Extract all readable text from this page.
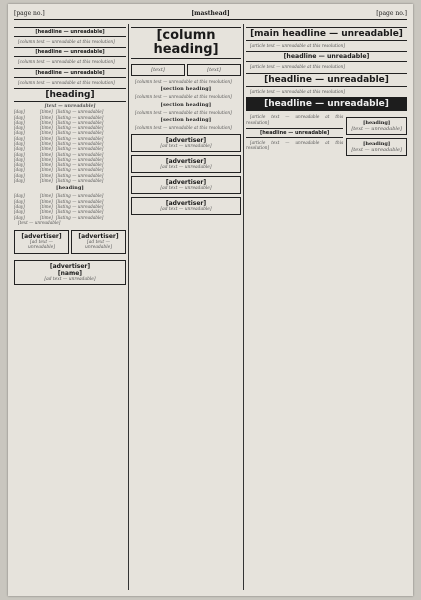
[page no.]	[masthead]	[page no.]
[headline — unreadable]

[column text — unreadable at this resolution]

[headline — unreadable]

[column text — unreadable at this resolution]

[headline — unreadable]

[column text — unreadable at this resolution]

[heading]
[text — unreadable]
[day]	[time] [listing — unreadable]
[day]	[time] [listing — unreadable]
[day]	[time] [listing — unreadable]
[day]	[time] [listing — unreadable]
[day]	[time] [listing — unreadable]
[day]	[time] [listing — unreadable]
[day]	[time] [listing — unreadable]
[day]	[time] [listing — unreadable]
[day]	[time] [listing — unreadable]
[day]	[time] [listing — unreadable]
[day]	[time] [listing — unreadable]
[day]	[time] [listing — unreadable]
[day]	[time] [listing — unreadable]
[day]	[time] [listing — unreadable]
[heading]
[day]	[time] [listing — unreadable]
[day]	[time] [listing — unreadable]
[day]	[time] [listing — unreadable]
[day]	[time] [listing — unreadable]
[day]	[time] [listing — unreadable]

[text — unreadable]

[advertiser]
[ad text — unreadable]
[advertiser]
[ad text — unreadable]
[advertiser]
[name]
[ad text — unreadable]
[column heading]
[text]	[text]

[column text — unreadable at this resolution]

[section heading]

[column text — unreadable at this resolution]

[section heading]

[column text — unreadable at this resolution]

[section heading]

[column text — unreadable at this resolution]

[advertiser]
[ad text — unreadable]
[advertiser]
[ad text — unreadable]
[advertiser]
[ad text — unreadable]
[advertiser]
[ad text — unreadable]
[main headline — unreadable]

[article text — unreadable at this resolution]

[headline — unreadable]

[article text — unreadable at this resolution]

[headline — unreadable]

[article text — unreadable at this resolution]

[headline — unreadable]

[article text — unreadable at this resolution]

[headline — unreadable]

[article text — unreadable at this resolution]

[heading]
[text — unreadable]
[heading]
[text — unreadable]
